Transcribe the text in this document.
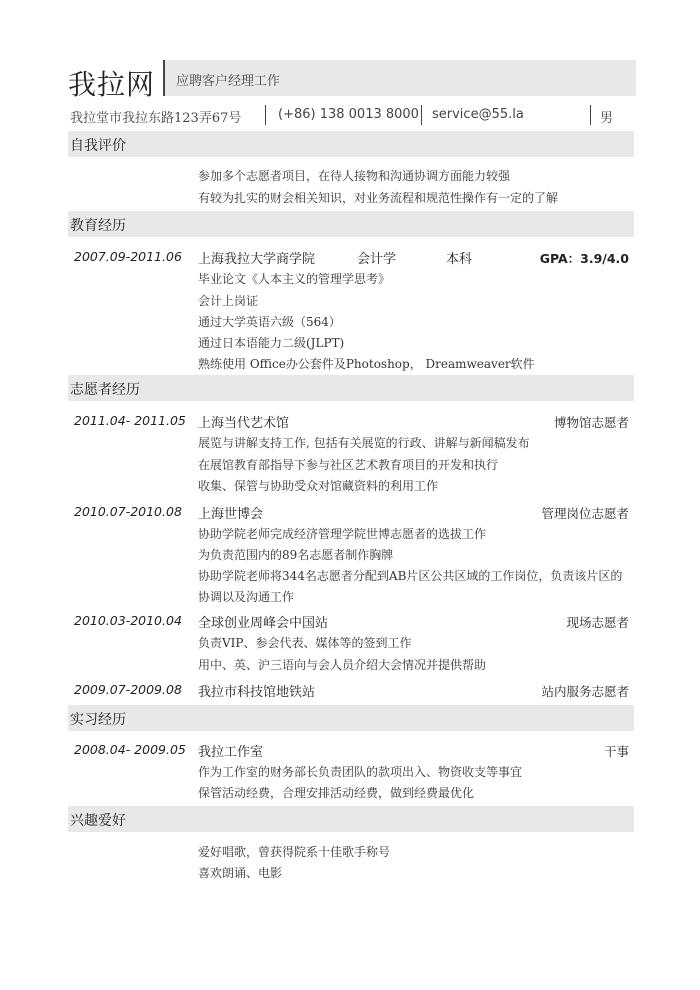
我拉网 应聘客户经理工作
我拉堂市我拉东路123弄67号	(+86) 138 0013 8000 service@55.la	男
自我评价
参加多个志愿者项目，在待人接物和沟通协调方面能力较强
有较为扎实的财会相关知识，对业务流程和规范性操作有一定的了解
教育经历
2007.09-2011.06 上海我拉大学商学院	会计学	本科	GPA：3.9/4.0
毕业论文《人本主义的管理学思考》
会计上岗证
通过大学英语六级（564）
通过日本语能力二级(JLPT)
熟练使用 Office办公套件及Photoshop， Dreamweaver软件
志愿者经历
2011.04- 2011.05 上海当代艺术馆	博物馆志愿者
展览与讲解支持工作, 包括有关展览的行政、讲解与新闻稿发布
在展馆教育部指导下参与社区艺术教育项目的开发和执行
收集、保管与协助受众对馆藏资料的利用工作
2010.07-2010.08 上海世博会	管理岗位志愿者
协助学院老师完成经济管理学院世博志愿者的选拔工作
为负责范围内的89名志愿者制作胸牌
协助学院老师将344名志愿者分配到AB片区公共区域的工作岗位，负责该片区的
协调以及沟通工作
2010.03-2010.04 全球创业周峰会中国站	现场志愿者
负责VIP、参会代表、媒体等的签到工作
用中、英、沪三语向与会人员介绍大会情况并提供帮助
2009.07-2009.08 我拉市科技馆地铁站	站内服务志愿者
实习经历
2008.04- 2009.05 我拉工作室	干事
作为工作室的财务部长负责团队的款项出入、物资收支等事宜
保管活动经费，合理安排活动经费，做到经费最优化
兴趣爱好
爱好唱歌，曾获得院系十佳歌手称号
喜欢朗诵、电影
